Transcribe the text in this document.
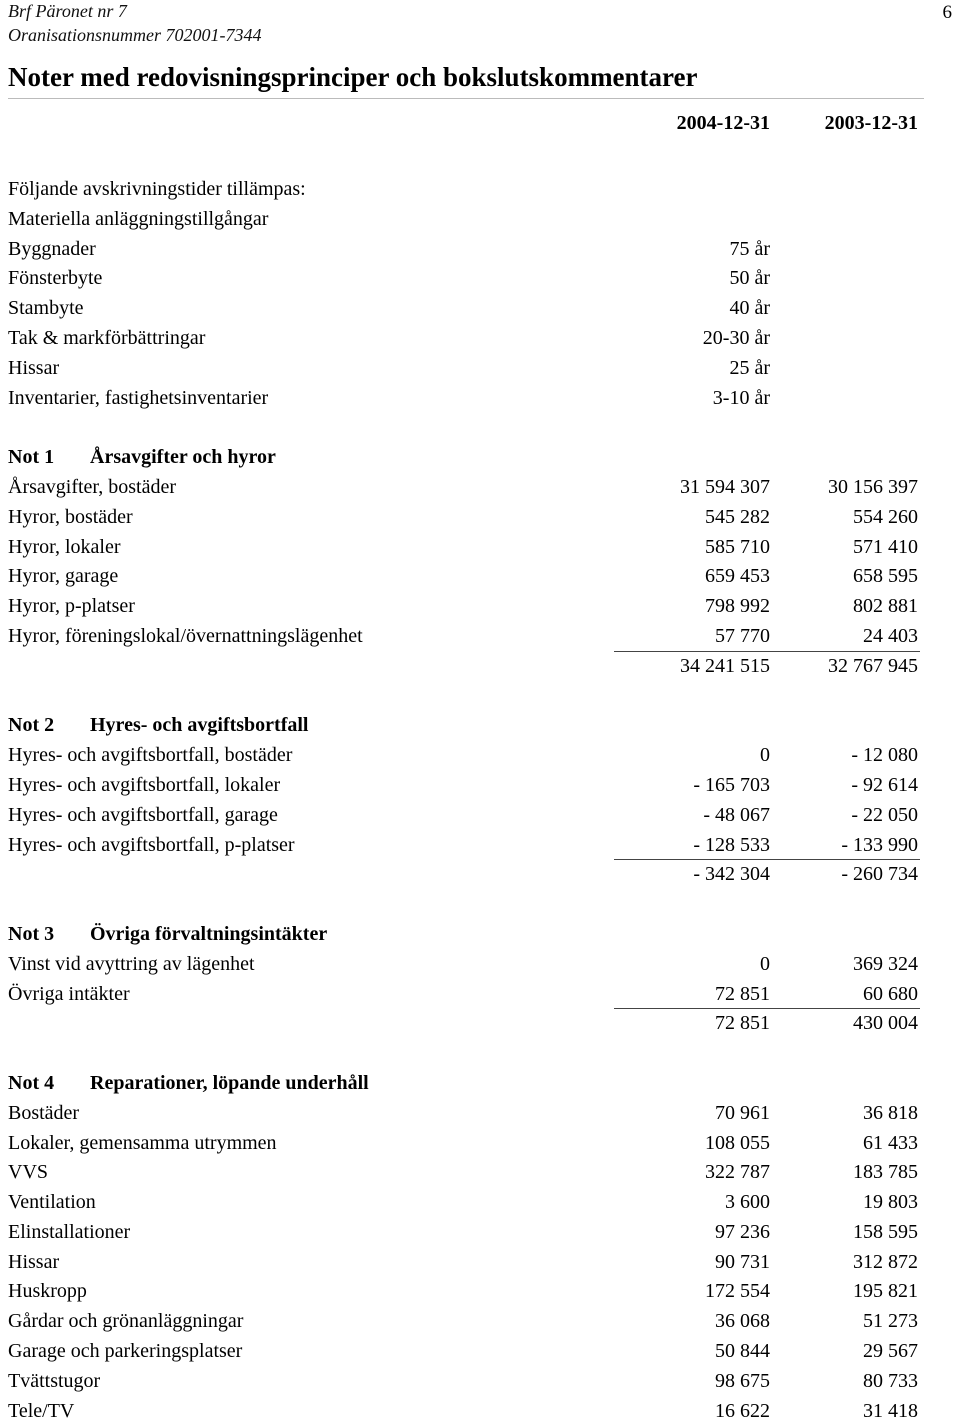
Brf Päronet nr 7
Oranisationsnummer 702001-7344
6
Noter med redovisningsprinciper och bokslutskommentarer
2004-12-31	2003-12-31
Följande avskrivningstider tillämpas:
Materiella anläggningstillgångar
Byggnader	75 år
Fönsterbyte	50 år
Stambyte	40 år
Tak & markförbättringar	20-30 år
Hissar	25 år
Inventarier, fastighetsinventarier	3-10 år
Not 1 Årsavgifter och hyror
Årsavgifter, bostäder	31 594 307	30 156 397
Hyror, bostäder	545 282	554 260
Hyror, lokaler	585 710	571 410
Hyror, garage	659 453	658 595
Hyror, p-platser	798 992	802 881
Hyror, föreningslokal/övernattningslägenhet	57 770	24 403
34 241 515	32 767 945
Not 2 Hyres- och avgiftsbortfall
Hyres- och avgiftsbortfall, bostäder	0	- 12 080
Hyres- och avgiftsbortfall, lokaler	- 165 703	- 92 614
Hyres- och avgiftsbortfall, garage	- 48 067	- 22 050
Hyres- och avgiftsbortfall, p-platser	- 128 533	- 133 990
- 342 304	- 260 734
Not 3 Övriga förvaltningsintäkter
Vinst vid avyttring av lägenhet	0	369 324
Övriga intäkter	72 851	60 680
72 851	430 004
Not 4 Reparationer, löpande underhåll
Bostäder	70 961	36 818
Lokaler, gemensamma utrymmen	108 055	61 433
VVS	322 787	183 785
Ventilation	3 600	19 803
Elinstallationer	97 236	158 595
Hissar	90 731	312 872
Huskropp	172 554	195 821
Gårdar och grönanläggningar	36 068	51 273
Garage och parkeringsplatser	50 844	29 567
Tvättstugor	98 675	80 733
Tele/TV	16 622	31 418
